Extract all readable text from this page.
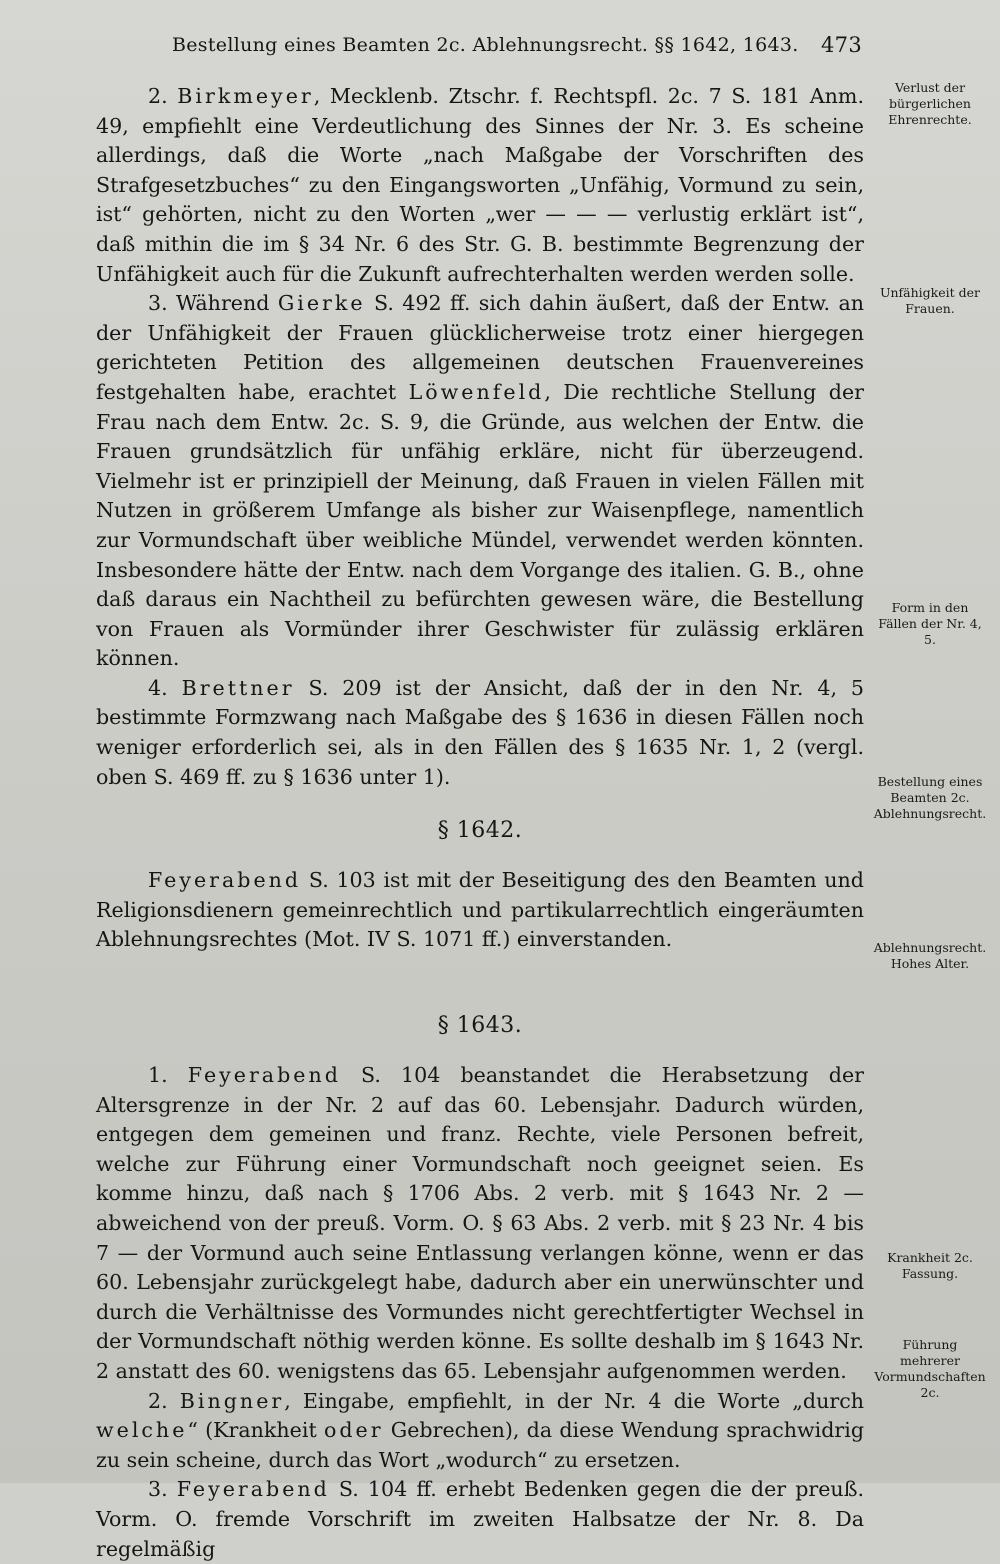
Bestellung eines Beamten 2c. Ablehnungsrecht. §§ 1642, 1643. 473

2. Birkmeyer, Mecklenb. Ztschr. f. Rechtspfl. 2c. 7 S. 181 Anm. 49, empfiehlt eine Verdeutlichung des Sinnes der Nr. 3. Es scheine allerdings, daß die Worte „nach Maßgabe der Vorschriften des Strafgesetzbuches“ zu den Eingangsworten „Unfähig, Vormund zu sein, ist“ gehörten, nicht zu den Worten „wer — — — verlustig erklärt ist“, daß mithin die im § 34 Nr. 6 des Str. G. B. bestimmte Begrenzung der Unfähigkeit auch für die Zukunft aufrechterhalten werden werden solle.

3. Während Gierke S. 492 ff. sich dahin äußert, daß der Entw. an der Unfähigkeit der Frauen glücklicherweise trotz einer hiergegen gerichteten Petition des allgemeinen deutschen Frauenvereines festgehalten habe, erachtet Löwenfeld, Die rechtliche Stellung der Frau nach dem Entw. 2c. S. 9, die Gründe, aus welchen der Entw. die Frauen grundsätzlich für unfähig erkläre, nicht für überzeugend. Vielmehr ist er prinzipiell der Meinung, daß Frauen in vielen Fällen mit Nutzen in größerem Umfange als bisher zur Waisenpflege, namentlich zur Vormundschaft über weibliche Mündel, verwendet werden könnten. Insbesondere hätte der Entw. nach dem Vorgange des italien. G. B., ohne daß daraus ein Nachtheil zu befürchten gewesen wäre, die Bestellung von Frauen als Vormünder ihrer Geschwister für zulässig erklären können.

4. Brettner S. 209 ist der Ansicht, daß der in den Nr. 4, 5 bestimmte Formzwang nach Maßgabe des § 1636 in diesen Fällen noch weniger erforderlich sei, als in den Fällen des § 1635 Nr. 1, 2 (vergl. oben S. 469 ff. zu § 1636 unter 1).

§ 1642.

Feyerabend S. 103 ist mit der Beseitigung des den Beamten und Religionsdienern gemeinrechtlich und partikularrechtlich eingeräumten Ablehnungsrechtes (Mot. IV S. 1071 ff.) einverstanden.

§ 1643.

1. Feyerabend S. 104 beanstandet die Herabsetzung der Altersgrenze in der Nr. 2 auf das 60. Lebensjahr. Dadurch würden, entgegen dem gemeinen und franz. Rechte, viele Personen befreit, welche zur Führung einer Vormundschaft noch geeignet seien. Es komme hinzu, daß nach § 1706 Abs. 2 verb. mit § 1643 Nr. 2 — abweichend von der preuß. Vorm. O. § 63 Abs. 2 verb. mit § 23 Nr. 4 bis 7 — der Vormund auch seine Entlassung verlangen könne, wenn er das 60. Lebensjahr zurückgelegt habe, dadurch aber ein unerwünschter und durch die Verhältnisse des Vormundes nicht gerechtfertigter Wechsel in der Vormundschaft nöthig werden könne. Es sollte deshalb im § 1643 Nr. 2 anstatt des 60. wenigstens das 65. Lebensjahr aufgenommen werden.

2. Bingner, Eingabe, empfiehlt, in der Nr. 4 die Worte „durch welche“ (Krankheit oder Gebrechen), da diese Wendung sprachwidrig zu sein scheine, durch das Wort „wodurch“ zu ersetzen.

3. Feyerabend S. 104 ff. erhebt Bedenken gegen die der preuß. Vorm. O. fremde Vorschrift im zweiten Halbsatze der Nr. 8. Da regelmäßig

Verlust der bürgerlichen Ehrenrechte.
Unfähigkeit der Frauen.
Form in den Fällen der Nr. 4, 5.
Bestellung eines Beamten 2c. Ablehnungsrecht.
Ablehnungsrecht. Hohes Alter.
Krankheit 2c. Fassung.
Führung mehrerer Vormundschaften 2c.
